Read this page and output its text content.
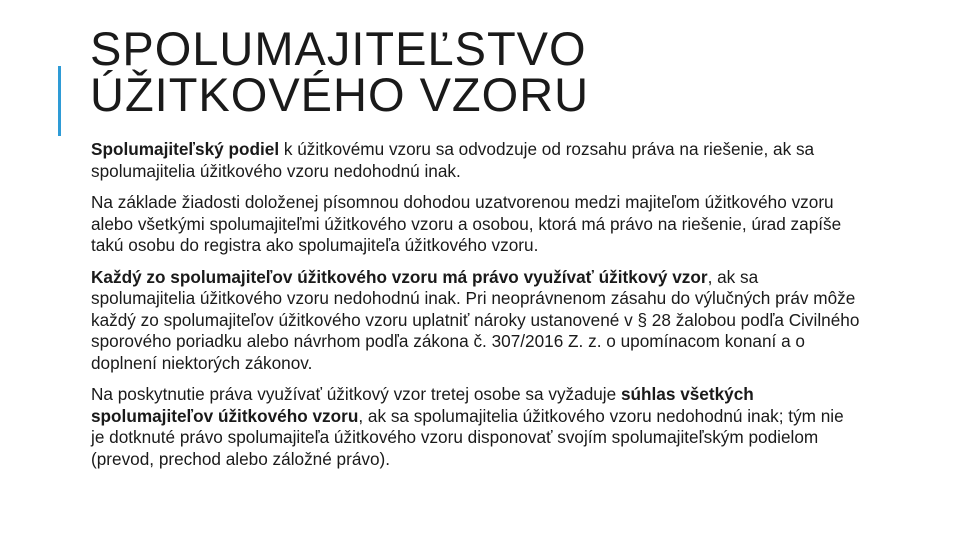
SPOLUMAJITEĽSTVO
ÚŽITKOVÉHO VZORU

Spolumajiteľský podiel k úžitkovému vzoru sa odvodzuje od rozsahu práva na riešenie, ak sa spolumajitelia úžitkového vzoru nedohodnú inak.

Na základe žiadosti doloženej písomnou dohodou uzatvorenou medzi majiteľom úžitkového vzoru alebo všetkými spolumajiteľmi úžitkového vzoru a osobou, ktorá má právo na riešenie, úrad zapíše takú osobu do registra ako spolumajiteľa úžitkového vzoru.

Každý zo spolumajiteľov úžitkového vzoru má právo využívať úžitkový vzor, ak sa spolumajitelia úžitkového vzoru nedohodnú inak. Pri neoprávnenom zásahu do výlučných práv môže každý zo spolumajiteľov úžitkového vzoru uplatniť nároky ustanovené v § 28 žalobou podľa Civilného sporového poriadku alebo návrhom podľa zákona č. 307/2016 Z. z. o upomínacom konaní a o doplnení niektorých zákonov.

Na poskytnutie práva využívať úžitkový vzor tretej osobe sa vyžaduje súhlas všetkých spolumajiteľov úžitkového vzoru, ak sa spolumajitelia úžitkového vzoru nedohodnú inak; tým nie je dotknuté právo spolumajiteľa úžitkového vzoru disponovať svojím spolumajiteľským podielom (prevod, prechod alebo záložné právo).
